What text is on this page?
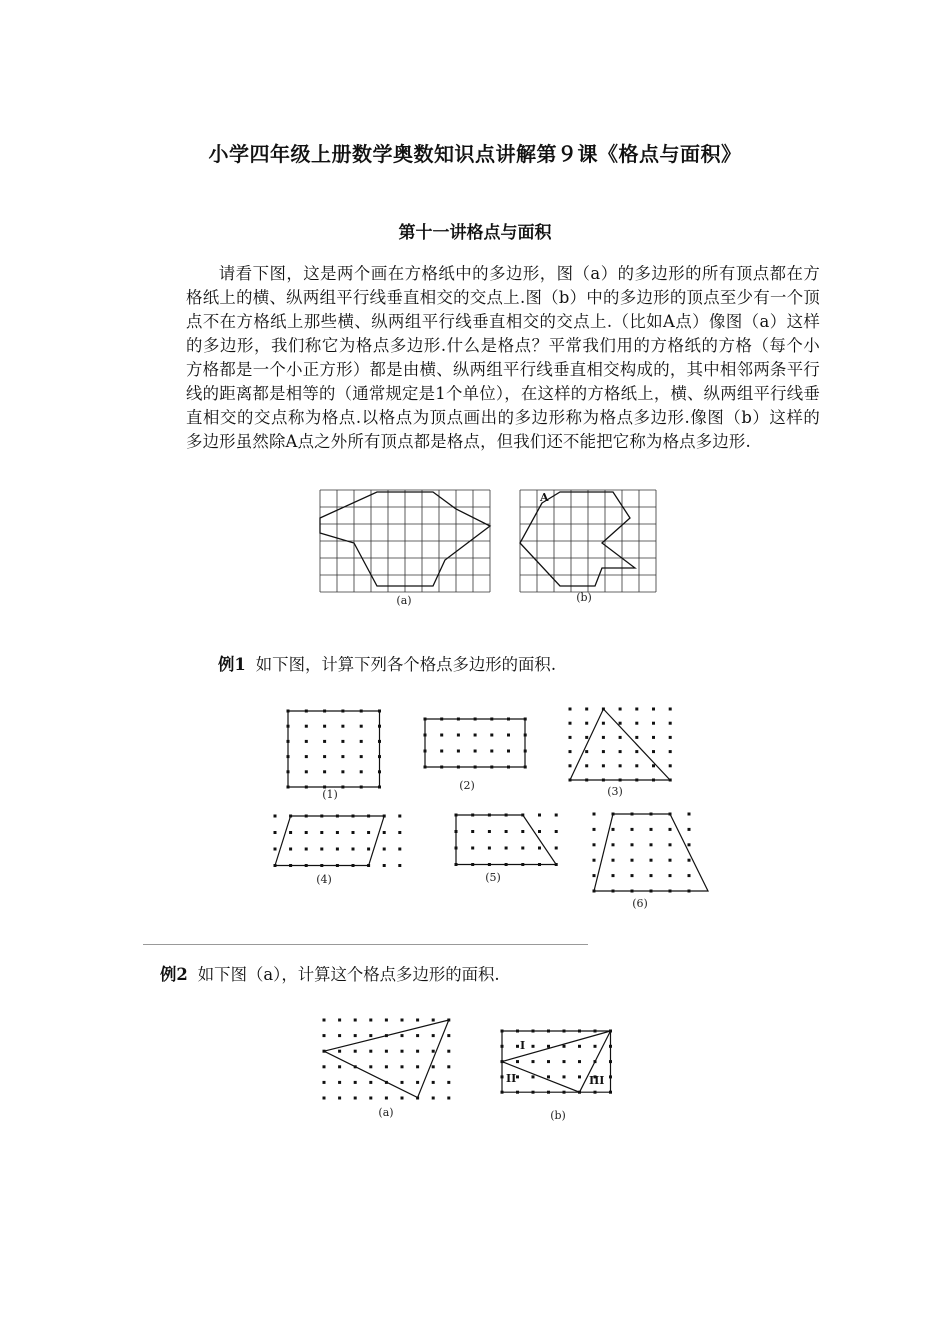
小学四年级上册数学奥数知识点讲解第９课《格点与面积》
第十一讲格点与面积

请看下图，这是两个画在方格纸中的多边形，图（a）的多边形的所有顶点都在方格纸上的横、纵两组平行线垂直相交的交点上.图（b）中的多边形的顶点至少有一个顶点不在方格纸上那些横、纵两组平行线垂直相交的交点上.（比如A点）像图（a）这样的多边形，我们称它为格点多边形.什么是格点？平常我们用的方格纸的方格（每个小方格都是一个小正方形）都是由横、纵两组平行线垂直相交构成的，其中相邻两条平行线的距离都是相等的（通常规定是1个单位），在这样的方格纸上，横、纵两组平行线垂直相交的交点称为格点.以格点为顶点画出的多边形称为格点多边形.像图（b）这样的多边形虽然除A点之外所有顶点都是格点，但我们还不能把它称为格点多边形.

(a)
A
(b)

例1 如下图，计算下列各个格点多边形的面积.

(1)
(2)	(3)
(4)	(5)
(6)

例2 如下图（a），计算这个格点多边形的面积.

(a)
I
II	III
(b)
